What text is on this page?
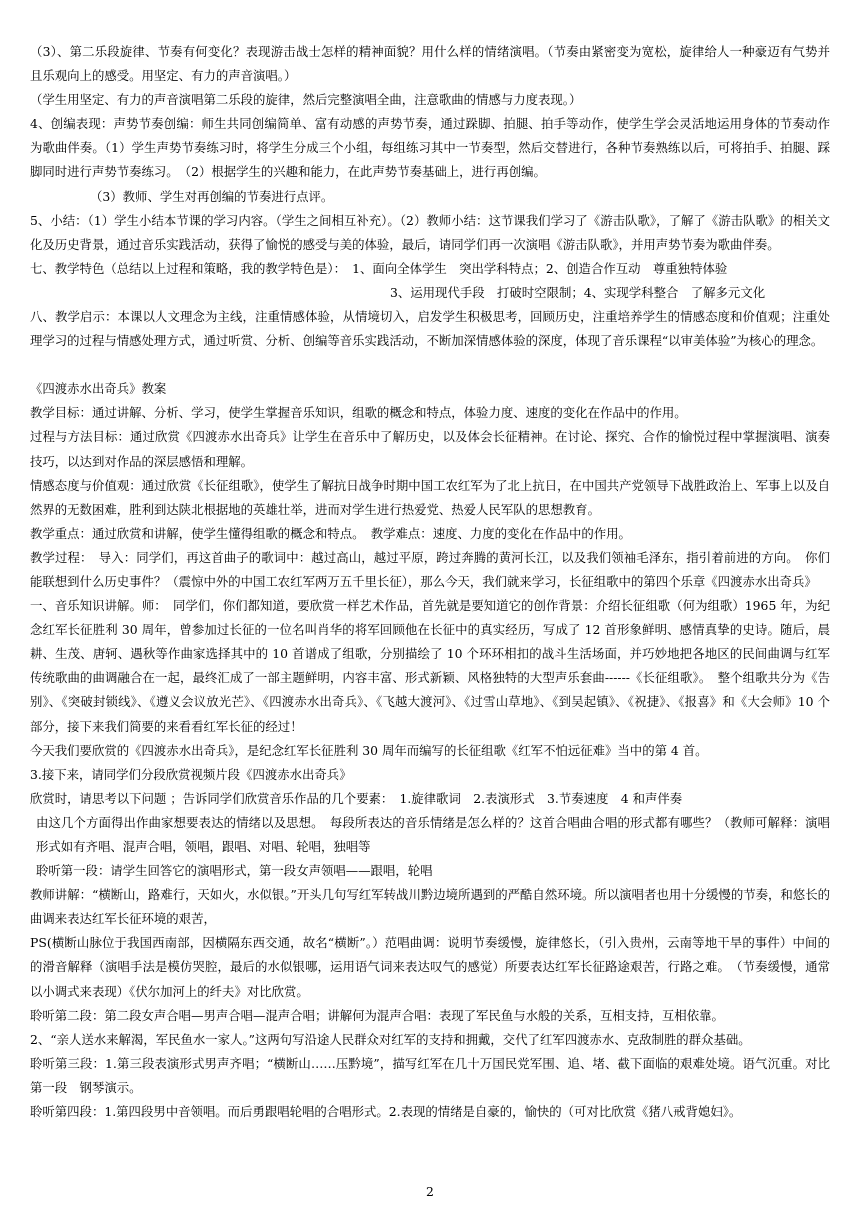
（3）、第二乐段旋律、节奏有何变化？表现游击战士怎样的精神面貌？用什么样的情绪演唱。（节奏由紧密变为宽松，旋律给人一种豪迈有气势并且乐观向上的感受。用坚定、有力的声音演唱。）

（学生用坚定、有力的声音演唱第二乐段的旋律，然后完整演唱全曲，注意歌曲的情感与力度表现。）

4、创编表现：声势节奏创编：师生共同创编简单、富有动感的声势节奏，通过跺脚、拍腿、拍手等动作，使学生学会灵活地运用身体的节奏动作为歌曲伴奏。（1）学生声势节奏练习时，将学生分成三个小组，每组练习其中一节奏型，然后交替进行，各种节奏熟练以后，可将拍手、拍腿、踩脚同时进行声势节奏练习。　（2）根据学生的兴趣和能力，在此声势节奏基础上，进行再创编。

（3）教师、学生对再创编的节奏进行点评。

5、小结：（1）学生小结本节课的学习内容。（学生之间相互补充）。（2）教师小结：这节课我们学习了《游击队歌》，了解了《游击队歌》的相关文化及历史背景，通过音乐实践活动，获得了愉悦的感受与美的体验，最后，请同学们再一次演唱《游击队歌》，并用声势节奏为歌曲伴奏。

七、教学特色（总结以上过程和策略，我的教学特色是）：　1、面向全体学生　突出学科特点；2、创造合作互动　尊重独特体验

3、运用现代手段　打破时空限制；4、实现学科整合　了解多元文化

八、教学启示：本课以人文理念为主线，注重情感体验，从情境切入，启发学生积极思考，回顾历史，注重培养学生的情感态度和价值观；注重处理学习的过程与情感处理方式，通过听赏、分析、创编等音乐实践活动，不断加深情感体验的深度，体现了音乐课程“以审美体验”为核心的理念。

《四渡赤水出奇兵》教案

教学目标：通过讲解、分析、学习，使学生掌握音乐知识，组歌的概念和特点，体验力度、速度的变化在作品中的作用。

过程与方法目标：通过欣赏《四渡赤水出奇兵》让学生在音乐中了解历史，以及体会长征精神。在讨论、探究、合作的愉悦过程中掌握演唱、演奏技巧，以达到对作品的深层感悟和理解。

情感态度与价值观：通过欣赏《长征组歌》，使学生了解抗日战争时期中国工农红军为了北上抗日，在中国共产党领导下战胜政治上、军事上以及自然界的无数困难，胜利到达陕北根据地的英雄壮举，进而对学生进行热爱党、热爱人民军队的思想教育。

教学重点：通过欣赏和讲解，使学生懂得组歌的概念和特点。　教学难点：速度、力度的变化在作品中的作用。

教学过程：　导入：同学们，再这首曲子的歌词中：越过高山，越过平原，跨过奔腾的黄河长江，以及我们领袖毛泽东，指引着前进的方向。　你们能联想到什么历史事件？（震惊中外的中国工农红军两万五千里长征），那么今天，我们就来学习，长征组歌中的第四个乐章《四渡赤水出奇兵》

一、音乐知识讲解。师：　同学们，你们都知道，要欣赏一样艺术作品，首先就是要知道它的创作背景：介绍长征组歌（何为组歌）1965 年，为纪念红军长征胜利 30 周年，曾参加过长征的一位名叫肖华的将军回顾他在长征中的真实经历，写成了 12 首形象鲜明、感情真挚的史诗。随后，晨耕、生茂、唐轲、遇秋等作曲家选择其中的 10 首谱成了组歌，分别描绘了 10 个环环相扣的战斗生活场面，并巧妙地把各地区的民间曲调与红军传统歌曲的曲调融合在一起，最终汇成了一部主题鲜明，内容丰富、形式新颖、风格独特的大型声乐套曲------《长征组歌》。　整个组歌共分为《告别》、《突破封锁线》、《遵义会议放光芒》、《四渡赤水出奇兵》、《飞越大渡河》、《过雪山草地》、《到吴起镇》、《祝捷》、《报喜》和《大会师》10 个部分，接下来我们简要的来看看红军长征的经过！

今天我们要欣赏的《四渡赤水出奇兵》，是纪念红军长征胜利 30 周年而编写的长征组歌《红军不怕远征难》当中的第 4 首。

3.接下来，请同学们分段欣赏视频片段《四渡赤水出奇兵》

欣赏时，请思考以下问题 ；告诉同学们欣赏音乐作品的几个要素：　1.旋律歌词　2.表演形式　3.节奏速度　4 和声伴奏

由这几个方面得出作曲家想要表达的情绪以及思想。　每段所表达的音乐情绪是怎么样的？这首合唱曲合唱的形式都有哪些？（教师可解释：演唱形式如有齐唱、混声合唱，领唱，跟唱、对唱、轮唱，独唱等

聆听第一段：请学生回答它的演唱形式，第一段女声领唱——跟唱，轮唱

教师讲解：“横断山，路难行，天如火，水似银。”开头几句写红军转战川黔边境所遇到的严酷自然环境。所以演唱者也用十分缓慢的节奏，和悠长的曲调来表达红军长征环境的艰苦，

PS(横断山脉位于我国西南部，因横隔东西交通，故名“横断”。）范唱曲调：说明节奏缓慢，旋律悠长，（引入贵州，云南等地干旱的事件）中间的的滑音解释（演唱手法是模仿哭腔，最后的水似银哪，运用语气词来表达叹气的感觉）所要表达红军长征路途艰苦，行路之难。　（节奏缓慢，通常以小调式来表现）《伏尔加河上的纤夫》对比欣赏。

聆听第二段：第二段女声合唱—男声合唱—混声合唱；讲解何为混声合唱：表现了军民鱼与水般的关系，互相支持，互相依靠。

2、“亲人送水来解渴，军民鱼水一家人。”这两句写沿途人民群众对红军的支持和拥戴，交代了红军四渡赤水、克敌制胜的群众基础。

聆听第三段：1.第三段表演形式男声齐唱；“横断山……压黔境”，描写红军在几十万国民党军围、追、堵、截下面临的艰难处境。语气沉重。对比第一段　钢琴演示。

聆听第四段：1.第四段男中音领唱。而后勇跟唱轮唱的合唱形式。2.表现的情绪是自豪的，愉快的（可对比欣赏《猪八戒背媳妇》。

2
